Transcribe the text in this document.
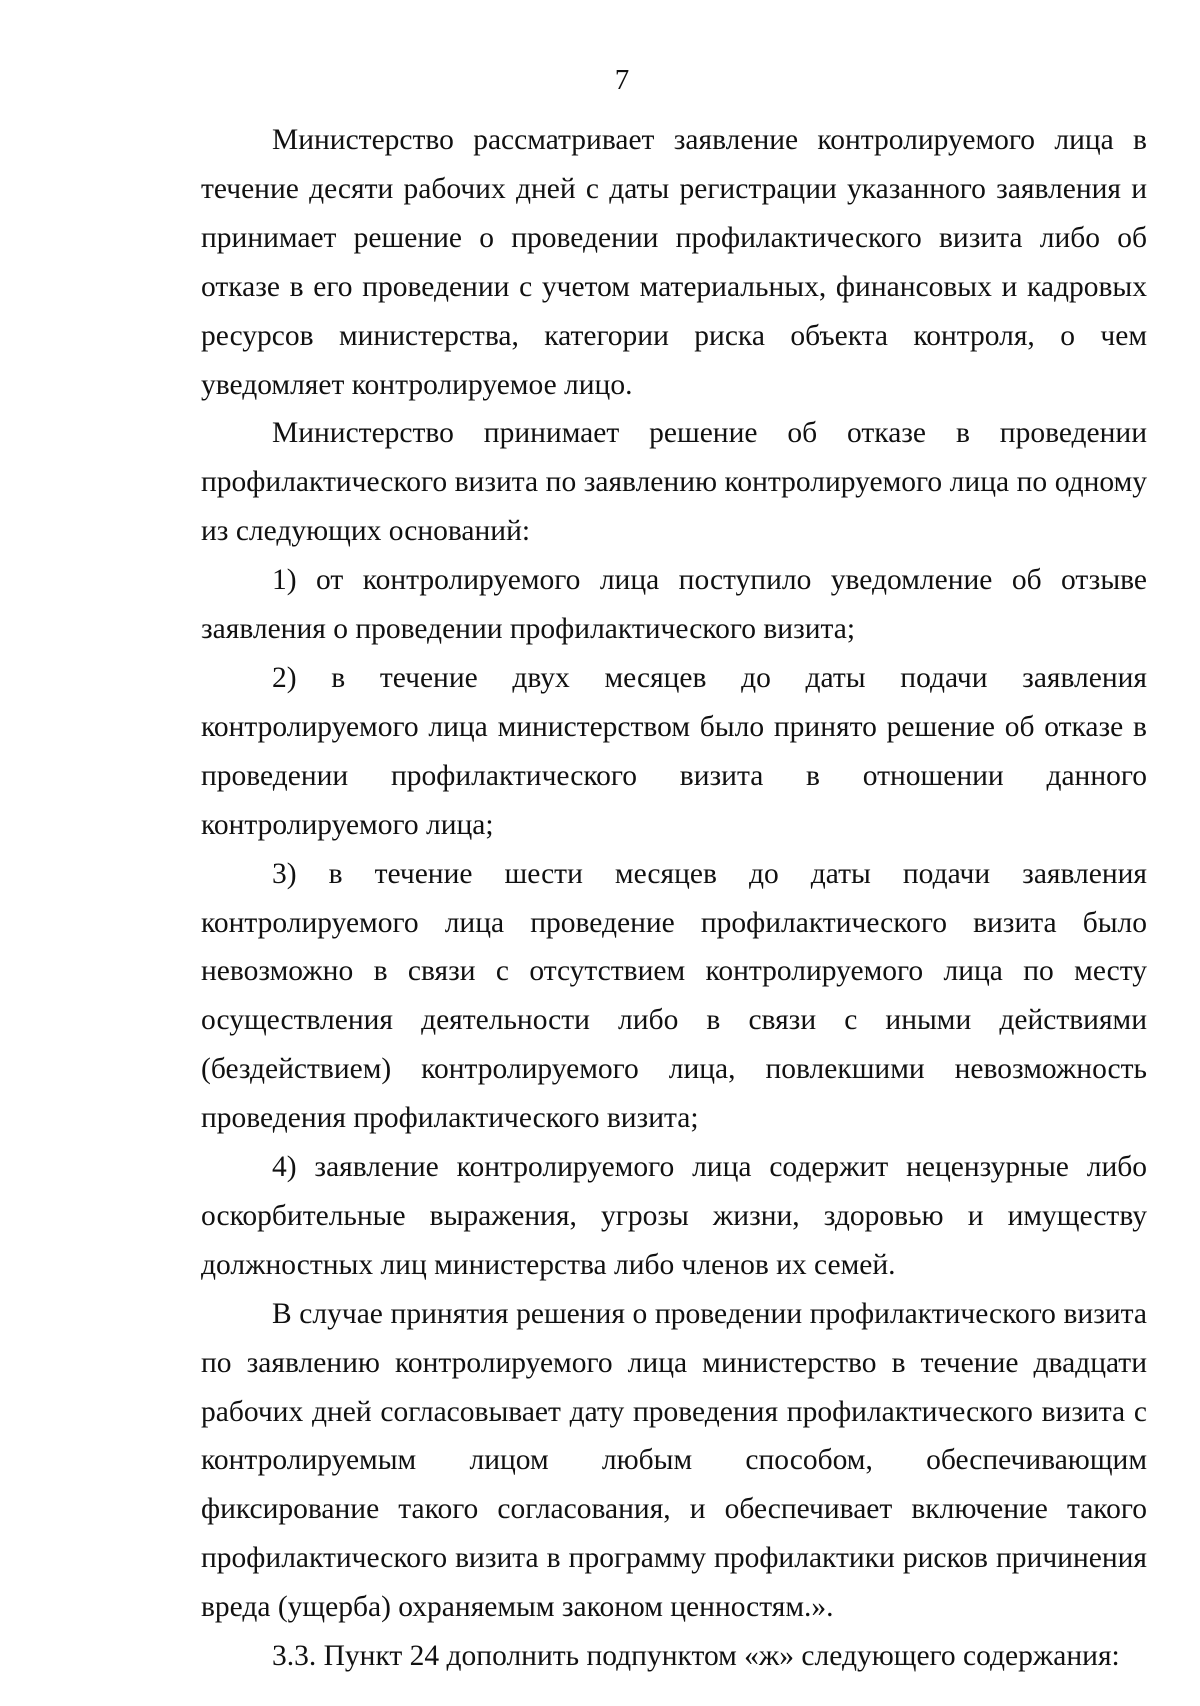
7

Министерство рассматривает заявление контролируемого лица в течение десяти рабочих дней с даты регистрации указанного заявления и принимает решение о проведении профилактического визита либо об отказе в его проведении с учетом материальных, финансовых и кадровых ресурсов министерства, категории риска объекта контроля, о чем уведомляет контролируемое лицо.

Министерство принимает решение об отказе в проведении профилактического визита по заявлению контролируемого лица по одному из следующих оснований:

1) от контролируемого лица поступило уведомление об отзыве заявления о проведении профилактического визита;

2) в течение двух месяцев до даты подачи заявления контролируемого лица министерством было принято решение об отказе в проведении профилактического визита в отношении данного контролируемого лица;

3) в течение шести месяцев до даты подачи заявления контролируемого лица проведение профилактического визита было невозможно в связи с отсутствием контролируемого лица по месту осуществления деятельности либо в связи с иными действиями (бездействием) контролируемого лица, повлекшими невозможность проведения профилактического визита;

4) заявление контролируемого лица содержит нецензурные либо оскорбительные выражения, угрозы жизни, здоровью и имуществу должностных лиц министерства либо членов их семей.

В случае принятия решения о проведении профилактического визита по заявлению контролируемого лица министерство в течение двадцати рабочих дней согласовывает дату проведения профилактического визита с контролируемым лицом любым способом, обеспечивающим фиксирование такого согласования, и обеспечивает включение такого профилактического визита в программу профилактики рисков причинения вреда (ущерба) охраняемым законом ценностям.».

3.3. Пункт 24 дополнить подпунктом «ж» следующего содержания:
